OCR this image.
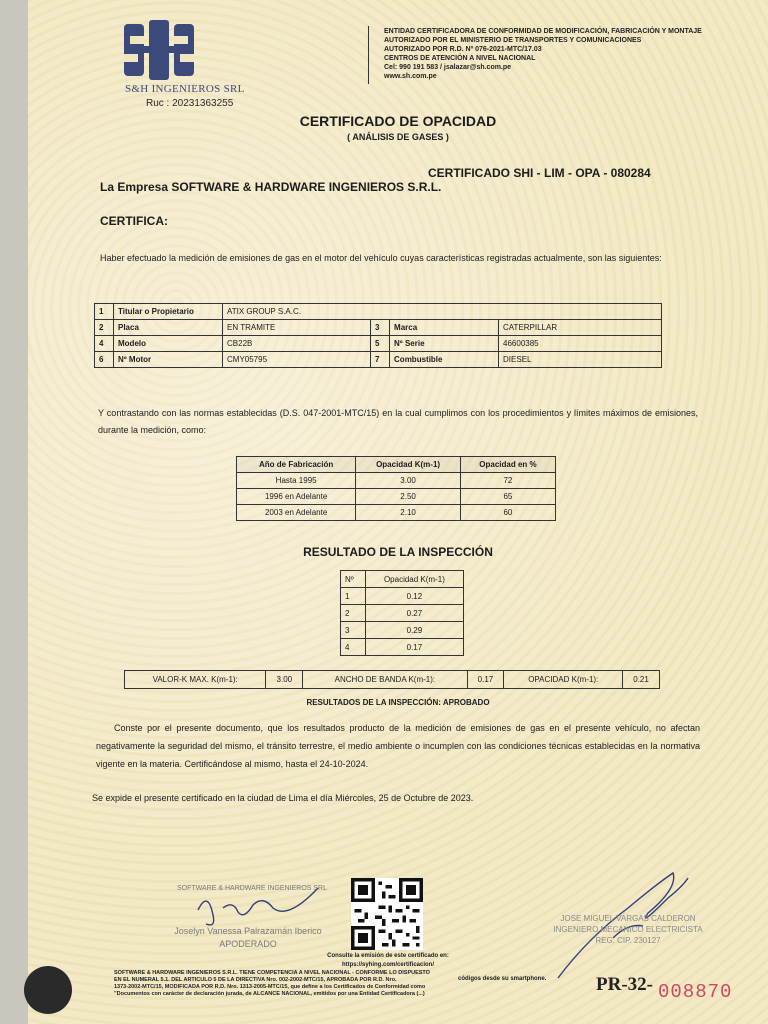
S&H INGENIEROS SRL
Ruc : 20231363255
ENTIDAD CERTIFICADORA DE CONFORMIDAD DE MODIFICACIÓN, FABRICACIÓN Y MONTAJE
AUTORIZADO POR EL MINISTERIO DE TRANSPORTES Y COMUNICACIONES
AUTORIZADO POR R.D. Nº 076-2021-MTC/17.03
CENTROS DE ATENCIÓN A NIVEL NACIONAL
Cel: 990 191 583 / jsalazar@sh.com.pe
www.sh.com.pe
CERTIFICADO DE OPACIDAD
( ANÁLISIS DE GASES )
CERTIFICADO SHI - LIM - OPA - 080284
La Empresa SOFTWARE & HARDWARE INGENIEROS S.R.L.
CERTIFICA:
Haber efectuado la medición de emisiones de gas en el motor del vehículo cuyas características registradas actualmente, son las siguientes:
1	Titular o Propietario	ATIX GROUP S.A.C.			
2	Placa	EN TRAMITE	3	Marca	CATERPILLAR
4	Modelo	CB22B	5	Nº Serie	46600385
6	Nº Motor	CMY05795	7	Combustible	DIESEL
Y contrastando con las normas establecidas (D.S. 047-2001-MTC/15) en la cual cumplimos con los procedimientos y límites máximos de emisiones, durante la medición, como:
Año de Fabricación	Opacidad K(m-1)	Opacidad en %
Hasta 1995	3.00	72
1996 en Adelante	2.50	65
2003 en Adelante	2.10	60
RESULTADO DE LA INSPECCIÓN
Nº	Opacidad K(m-1)
1	0.12
2	0.27
3	0.29
4	0.17
VALOR-K MAX. K(m-1):	3.00	ANCHO DE BANDA K(m-1):	0.17	OPACIDAD K(m-1):	0.21
RESULTADOS DE LA INSPECCIÓN: APROBADO
Conste por el presente documento, que los resultados producto de la medición de emisiones de gas en el presente vehículo, no afectan negativamente la seguridad del mismo, el tránsito terrestre, el medio ambiente o incumplen con las condiciones técnicas establecidas en la normativa vigente en la materia. Certificándose al mismo, hasta el 24-10-2024.
Se expide el presente certificado en la ciudad de Lima el día Miércoles, 25 de Octubre de 2023.
SOFTWARE & HARDWARE INGENIEROS SRL
Joselyn Vanessa Palrazamán Iberico
APODERADO
Consulte la emisión de este certificado en:
https://syhing.com/certificacion/
JOSE MIGUEL VARGAS CALDERON
INGENIERO MECANICO ELECTRICISTA
REG. CIP. 230127
SOFTWARE & HARDWARE INGENIEROS S.R.L. TIENE COMPETENCIA A NIVEL NACIONAL - CONFORME LO DISPUESTO
EN EL NUMERAL 5.1. DEL ARTICULO 5 DE LA DIRECTIVA Nro. 002-2002-MTC/15, APROBADA POR R.D. Nro.
1373-2002-MTC/15, MODIFICADA POR R.D. Nro. 1313-2005-MTC/15, que define a los Certificados de Conformidad como
"Documentos con carácter de declaración jurada, de ALCANCE NACIONAL, emitidos por una Entidad Certificadora (...)
códigos desde su smartphone.	PR-32- 008870
